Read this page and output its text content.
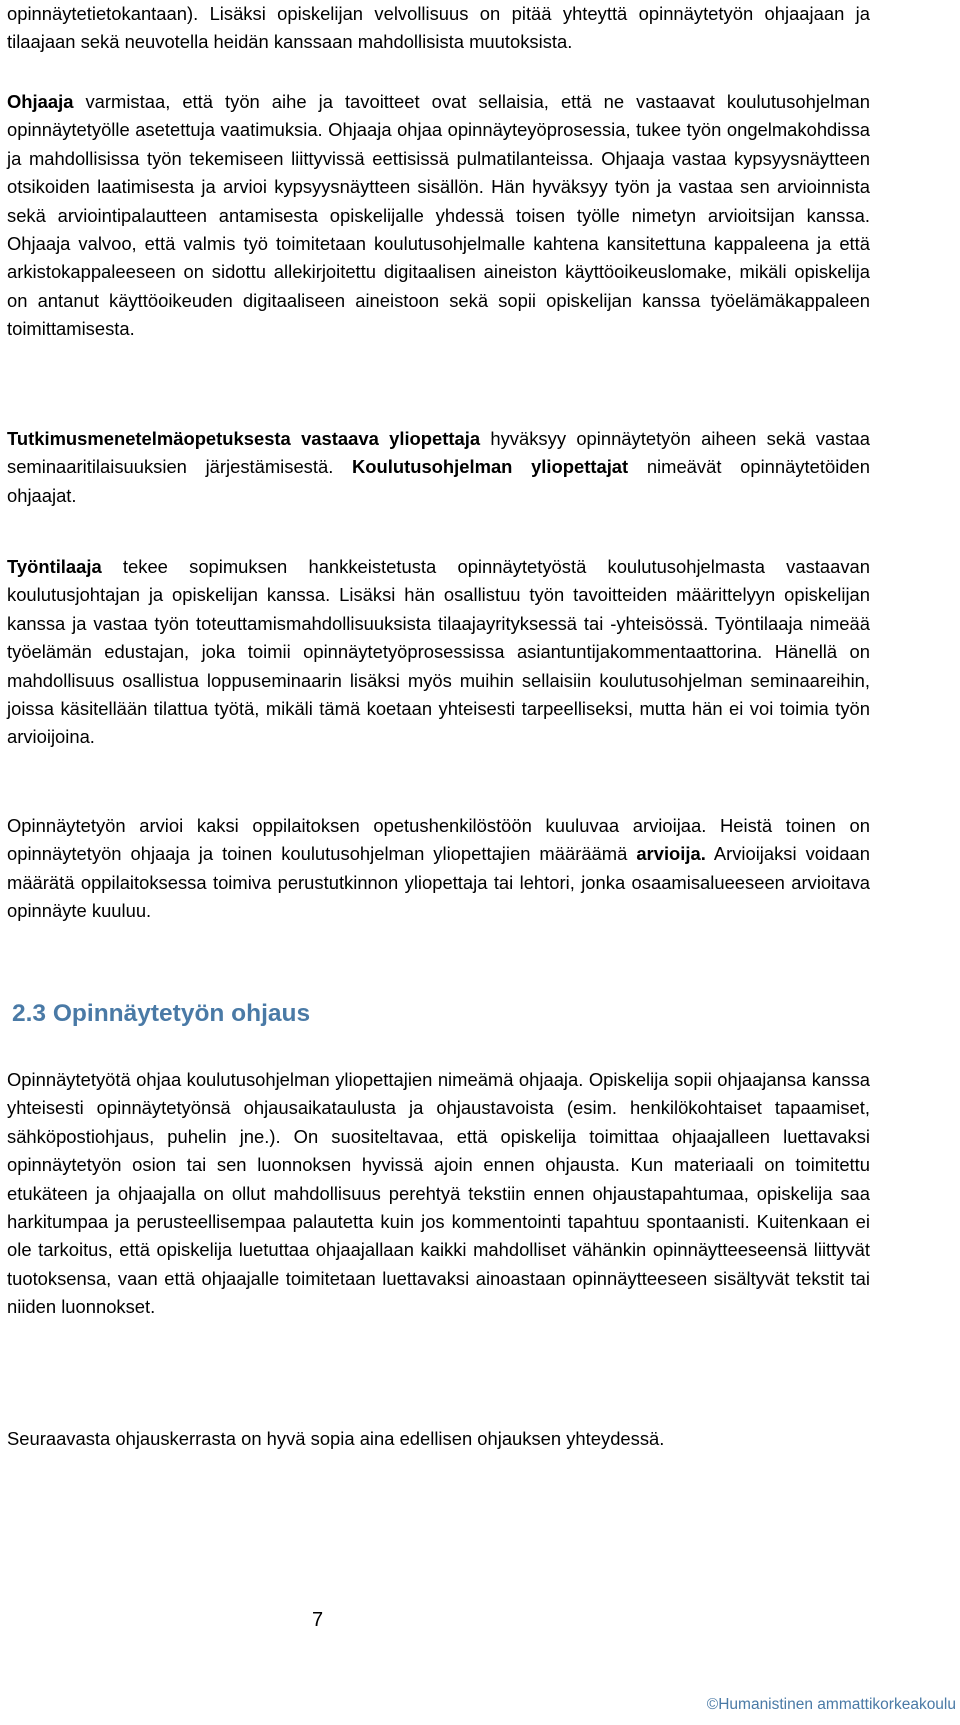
opinnäytetietokantaan). Lisäksi opiskelijan velvollisuus on pitää yhteyttä opinnäytetyön ohjaajaan ja tilaajaan sekä neuvotella heidän kanssaan mahdollisista muutoksista.

Ohjaaja varmistaa, että työn aihe ja tavoitteet ovat sellaisia, että ne vastaavat koulutusohjelman opinnäytetyölle asetettuja vaatimuksia. Ohjaaja ohjaa opinnäyteyöprosessia, tukee työn ongelmakohdissa ja mahdollisissa työn tekemiseen liittyvissä eettisissä pulmatilanteissa. Ohjaaja vastaa kypsyysnäytteen otsikoiden laatimisesta ja arvioi kypsyysnäytteen sisällön. Hän hyväksyy työn ja vastaa sen arvioinnista sekä arviointipalautteen antamisesta opiskelijalle yhdessä toisen työlle nimetyn arvioitsijan kanssa. Ohjaaja valvoo, että valmis työ toimitetaan koulutusohjelmalle kahtena kansitettuna kappaleena ja että arkistokappaleeseen on sidottu allekirjoitettu digitaalisen aineiston käyttöoikeuslomake, mikäli opiskelija on antanut käyttöoikeuden digitaaliseen aineistoon sekä sopii opiskelijan kanssa työelämäkappaleen toimittamisesta.

Tutkimusmenetelmäopetuksesta vastaava yliopettaja hyväksyy opinnäytetyön aiheen sekä vastaa seminaaritilaisuuksien järjestämisestä. Koulutusohjelman yliopettajat nimeävät opinnäytetöiden ohjaajat.

Työntilaaja tekee sopimuksen hankkeistetusta opinnäytetyöstä koulutusohjelmasta vastaavan koulutusjohtajan ja opiskelijan kanssa. Lisäksi hän osallistuu työn tavoitteiden määrittelyyn opiskelijan kanssa ja vastaa työn toteuttamismahdollisuuksista tilaajayrityksessä tai -yhteisössä. Työntilaaja nimeää työelämän edustajan, joka toimii opinnäytetyöprosessissa asiantuntijakommentaattorina. Hänellä on mahdollisuus osallistua loppuseminaarin lisäksi myös muihin sellaisiin koulutusohjelman seminaareihin, joissa käsitellään tilattua työtä, mikäli tämä koetaan yhteisesti tarpeelliseksi, mutta hän ei voi toimia työn arvioijoina.

Opinnäytetyön arvioi kaksi oppilaitoksen opetushenkilöstöön kuuluvaa arvioijaa. Heistä toinen on opinnäytetyön ohjaaja ja toinen koulutusohjelman yliopettajien määräämä arvioija. Arvioijaksi voidaan määrätä oppilaitoksessa toimiva perustutkinnon yliopettaja tai lehtori, jonka osaamisalueeseen arvioitava opinnäyte kuuluu.

2.3 Opinnäytetyön ohjaus

Opinnäytetyötä ohjaa koulutusohjelman yliopettajien nimeämä ohjaaja. Opiskelija sopii ohjaajansa kanssa yhteisesti opinnäytetyönsä ohjausaikataulusta ja ohjaustavoista (esim. henkilökohtaiset tapaamiset, sähköpostiohjaus, puhelin jne.). On suositeltavaa, että opiskelija toimittaa ohjaajalleen luettavaksi opinnäytetyön osion tai sen luonnoksen hyvissä ajoin ennen ohjausta. Kun materiaali on toimitettu etukäteen ja ohjaajalla on ollut mahdollisuus perehtyä tekstiin ennen ohjaustapahtumaa, opiskelija saa harkitumpaa ja perusteellisempaa palautetta kuin jos kommentointi tapahtuu spontaanisti. Kuitenkaan ei ole tarkoitus, että opiskelija luetuttaa ohjaajallaan kaikki mahdolliset vähänkin opinnäytteeseensä liittyvät tuotoksensa, vaan että ohjaajalle toimitetaan luettavaksi ainoastaan opinnäytteeseen sisältyvät tekstit tai niiden luonnokset.

Seuraavasta ohjauskerrasta on hyvä sopia aina edellisen ohjauksen yhteydessä.

7
©Humanistinen ammattikorkeakoulu
